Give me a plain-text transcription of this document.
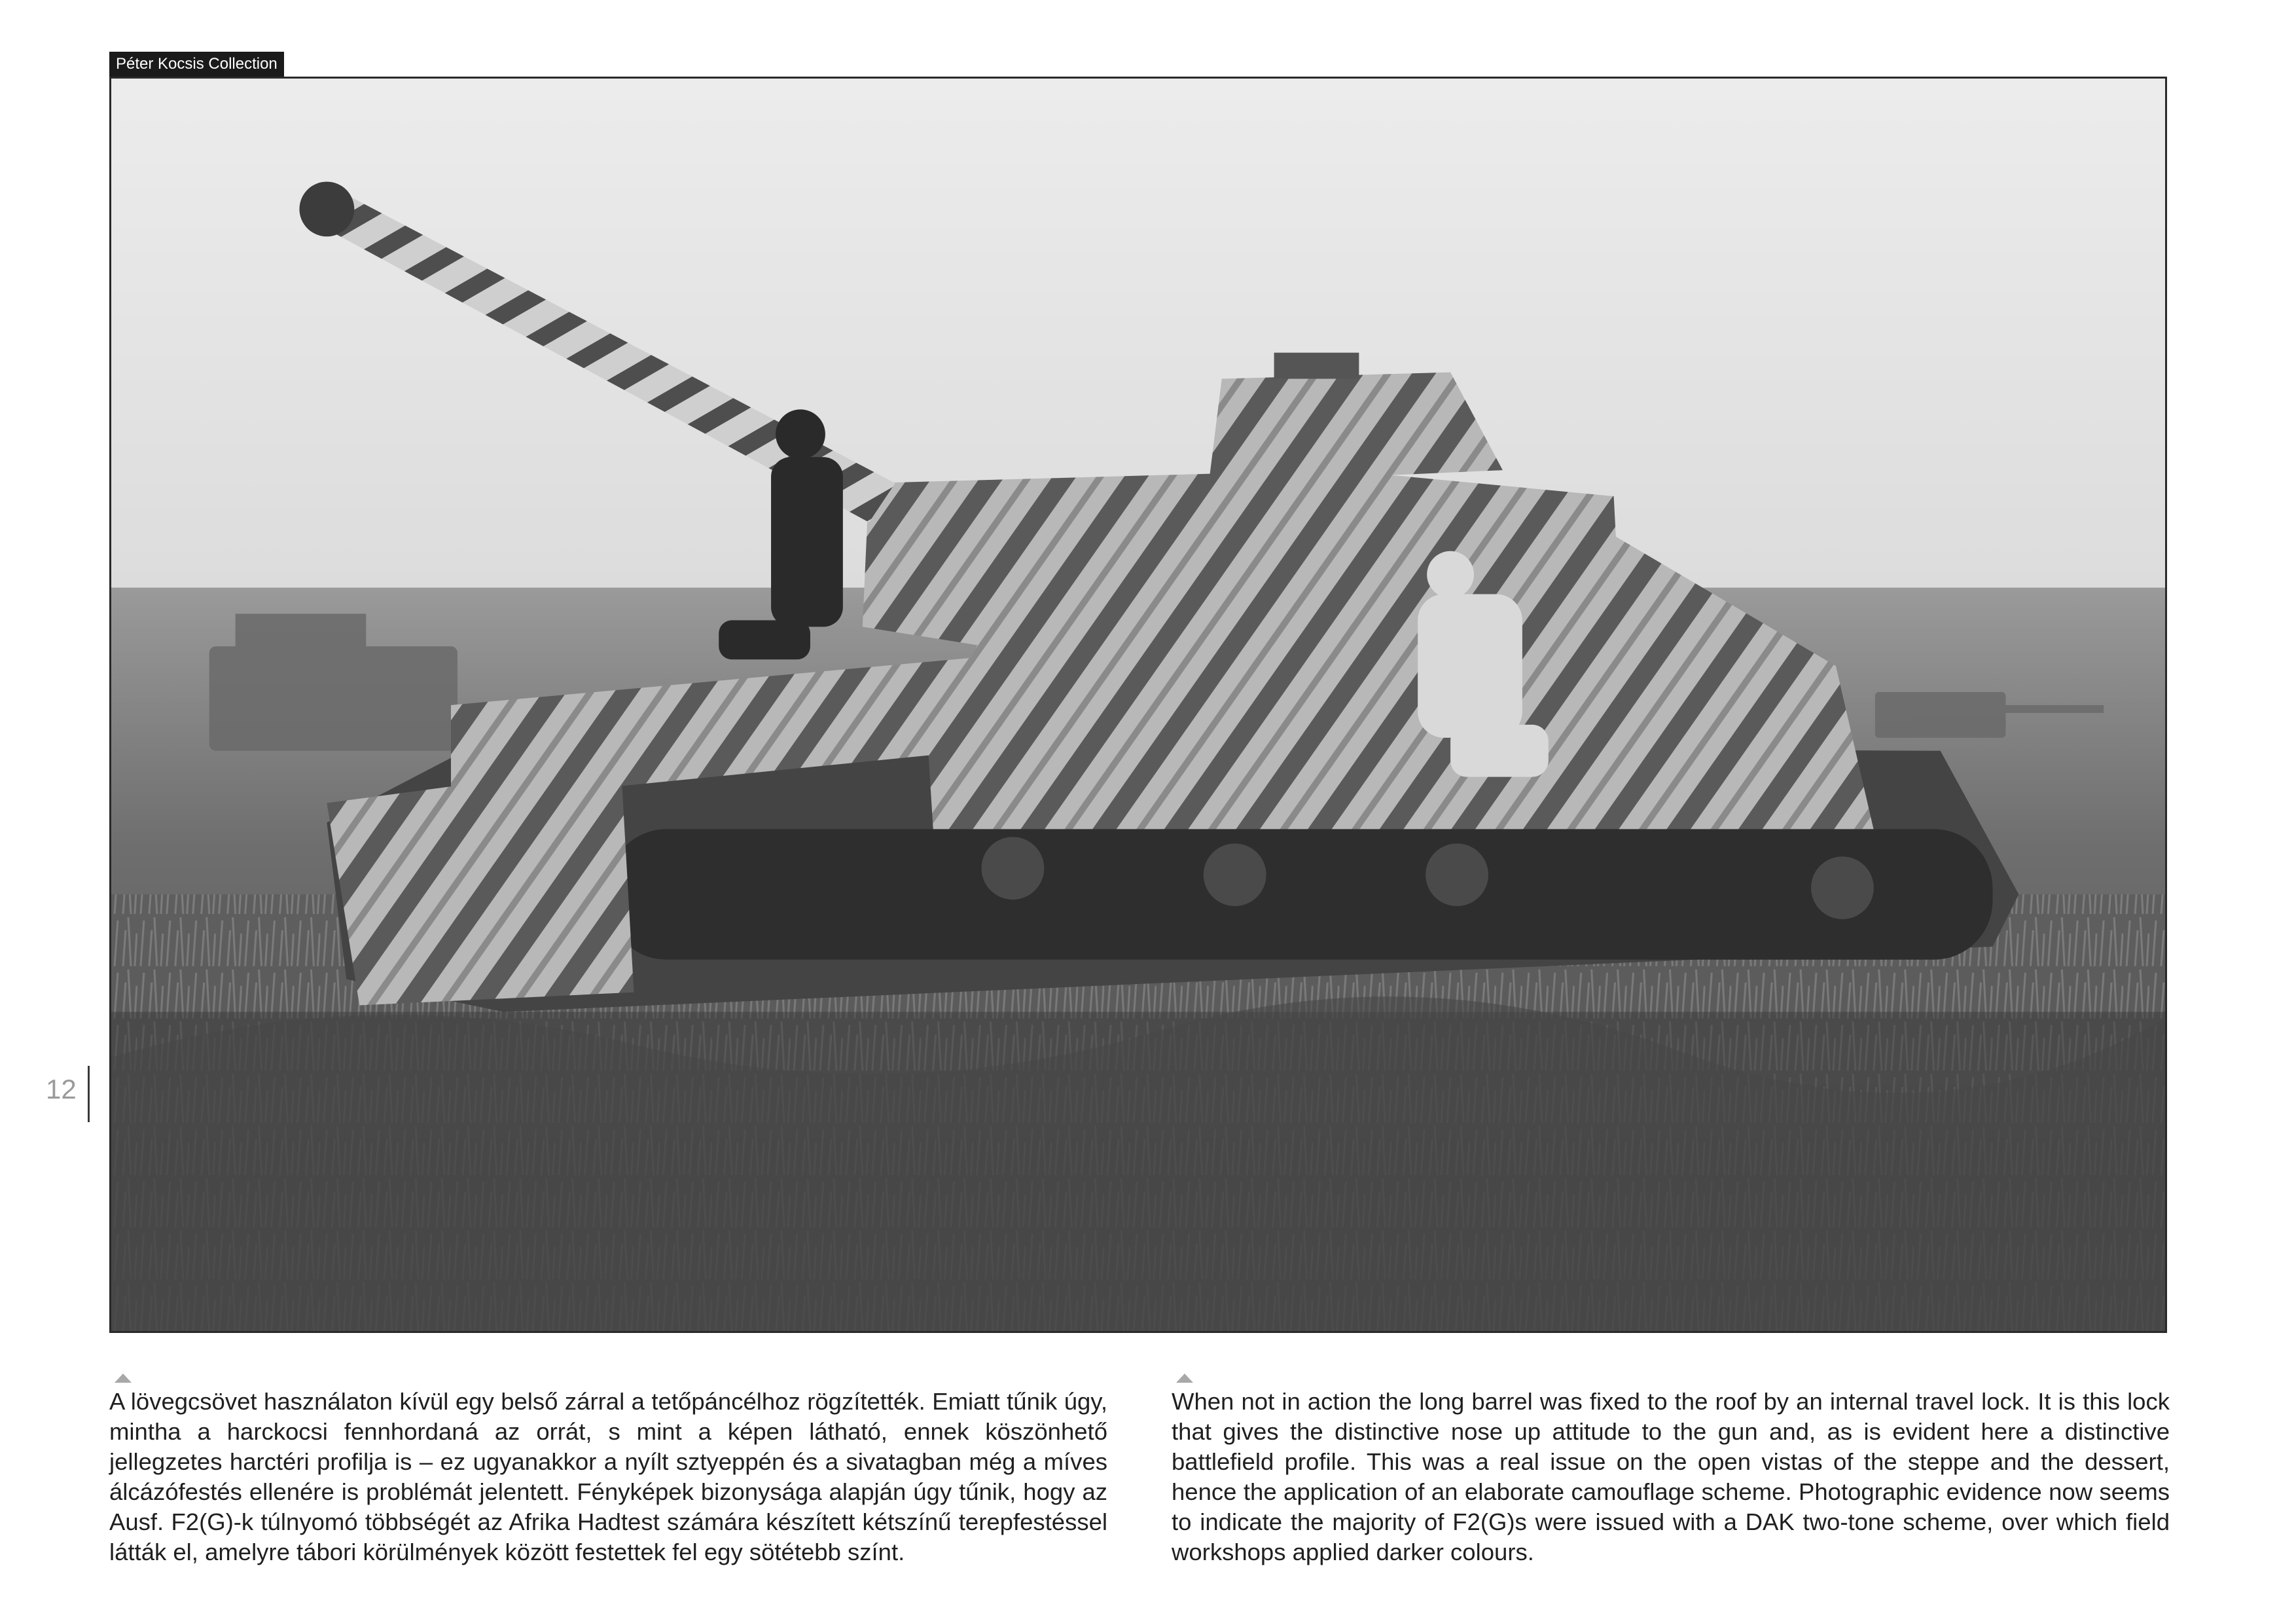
Péter Kocsis Collection
12
A lövegcsövet használaton kívül egy belső zárral a tetőpáncélhoz rögzítették. Emiatt tűnik úgy, mintha a harckocsi fennhordaná az orrát, s mint a képen látható, ennek köszönhető jellegzetes harctéri profilja is – ez ugyanakkor a nyílt sztyeppén és a sivatagban még a míves álcázófestés ellenére is problémát jelentett. Fényképek bizonysága alapján úgy tűnik, hogy az Ausf. F2(G)-k túlnyomó többségét az Afrika Hadtest számára készített kétszínű terepfestéssel látták el, amelyre tábori körülmények között festettek fel egy sötétebb színt.
When not in action the long barrel was fixed to the roof by an internal travel lock. It is this lock that gives the distinctive nose up attitude to the gun and, as is evident here a distinctive battlefield profile. This was a real issue on the open vistas of the steppe and the dessert, hence the application of an elaborate camouflage scheme. Photographic evidence now seems to indicate the majority of F2(G)s were issued with a DAK two-tone scheme, over which field workshops applied darker colours.
